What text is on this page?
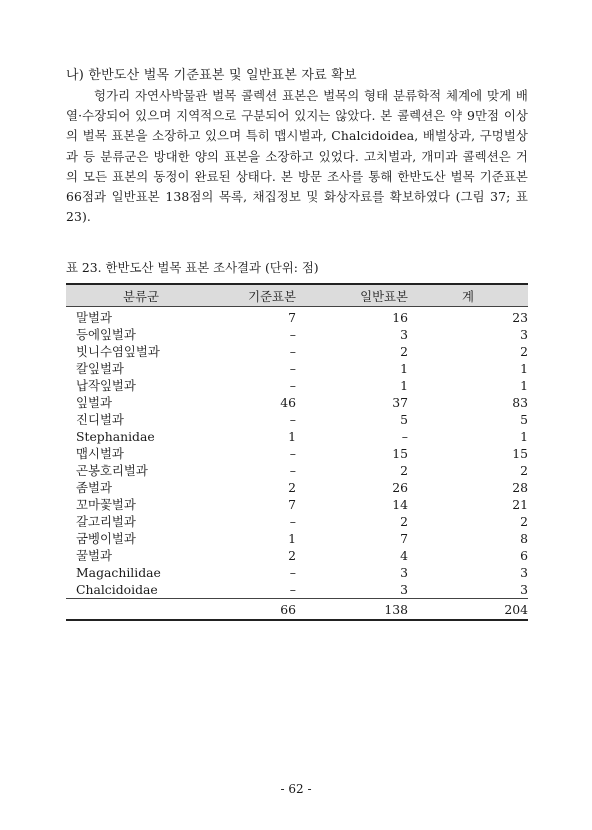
나) 한반도산 벌목 기준표본 및 일반표본 자료 확보

헝가리 자연사박물관 벌목 콜렉션 표본은 벌목의 형태 분류학적 체계에 맞게 배열·수장되어 있으며 지역적으로 구분되어 있지는 않았다. 본 콜렉션은 약 9만점 이상의 벌목 표본을 소장하고 있으며 특히 맵시벌과, Chalcidoidea, 배벌상과, 구멍벌상과 등 분류군은 방대한 양의 표본을 소장하고 있었다. 고치벌과, 개미과 콜렉션은 거의 모든 표본의 동정이 완료된 상태다. 본 방문 조사를 통해 한반도산 벌목 기준표본 66점과 일반표본 138점의 목록, 채집정보 및 화상자료를 확보하였다 (그림 37; 표 23).

표 23. 한반도산 벌목 표본 조사결과 (단위: 점)
분류군	기준표본	일반표본	계
말벌과	7	16	23
등에잎벌과	–	3	3
빗니수염잎벌과	–	2	2
칼잎벌과	–	1	1
납작잎벌과	–	1	1
잎벌과	46	37	83
진디벌과	–	5	5
Stephanidae	1	–	1
맵시벌과	–	15	15
곤봉호리벌과	–	2	2
좀벌과	2	26	28
꼬마꽃벌과	7	14	21
갈고리벌과	–	2	2
굼벵이벌과	1	7	8
꿀벌과	2	4	6
Magachilidae	–	3	3
Chalcidoidae	–	3	3
	66	138	204
- 62 -
